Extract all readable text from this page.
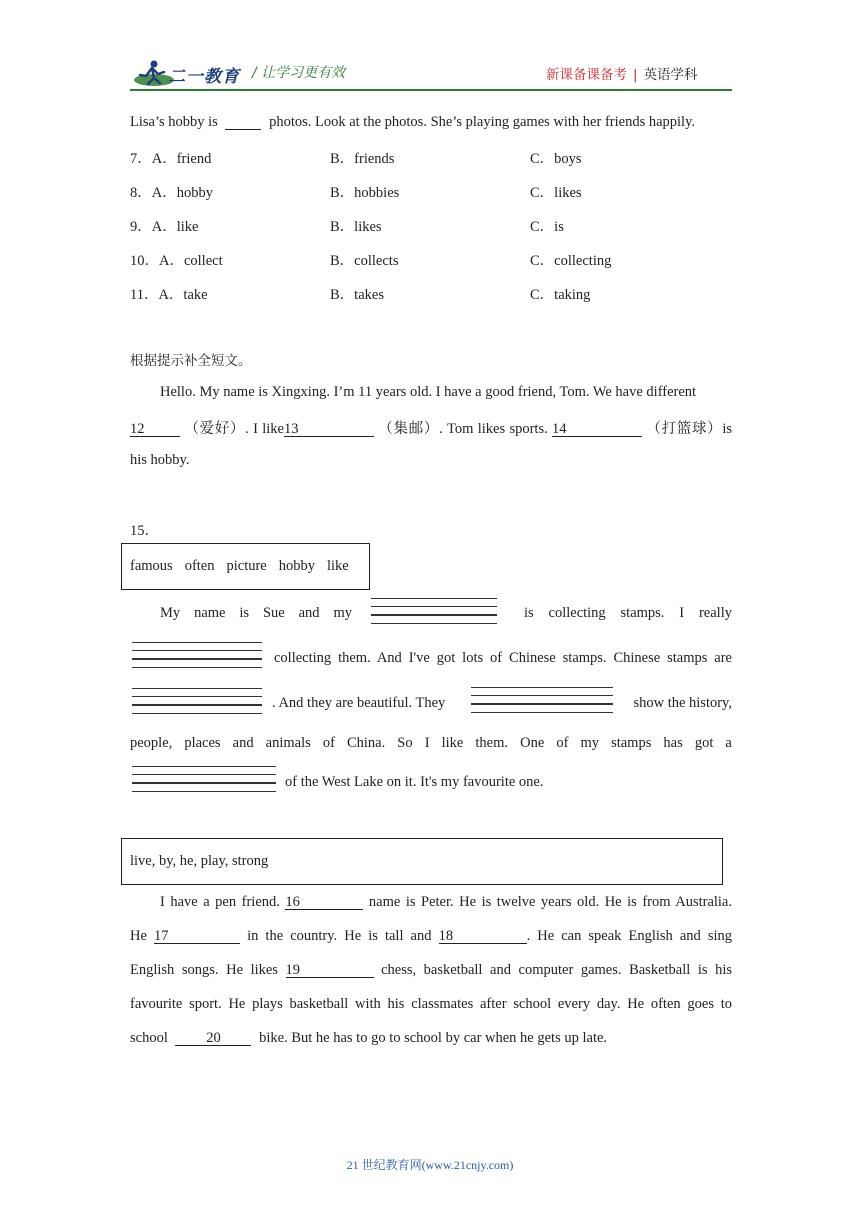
二一教育 / 让学习更有效	新课备课备考 | 英语学科
Lisa’s hobby is	photos. Look at the photos. She’s playing games with her friends happily.
7．A．friend	B．friends	C．boys
8．A．hobby	B．hobbies	C．likes
9．A．like	B．likes	C．is
10．A．collect	B．collects	C．collecting
11．A．take	B．takes	C．taking
根据提示补全短文。
Hello. My name is Xingxing. I’m 11 years old. I have a good friend, Tom. We have different
12	（爱好）. I like13	（集邮）. Tom likes sports. 14	（打篮球）is
his hobby.
15．
famous often picture hobby like
My name is Sue and my	is collecting stamps. I really
collecting them. And I've got lots of Chinese stamps. Chinese stamps are
. And they are beautiful. They	show the history,
people, places and animals of China. So I like them. One of my stamps has got a
of the West Lake on it. It's my favourite one.
live, by, he, play, strong
I have a pen friend. 16	name is Peter. He is twelve years old. He is from Australia.
He 17	in the country. He is tall and 18	. He can speak English and sing
English songs. He likes 19	chess, basketball and computer games. Basketball is his
favourite sport. He plays basketball with his classmates after school every day. He often goes to
school	20	bike. But he has to go to school by car when he gets up late.
21 世纪教育网(www.21cnjy.com)
